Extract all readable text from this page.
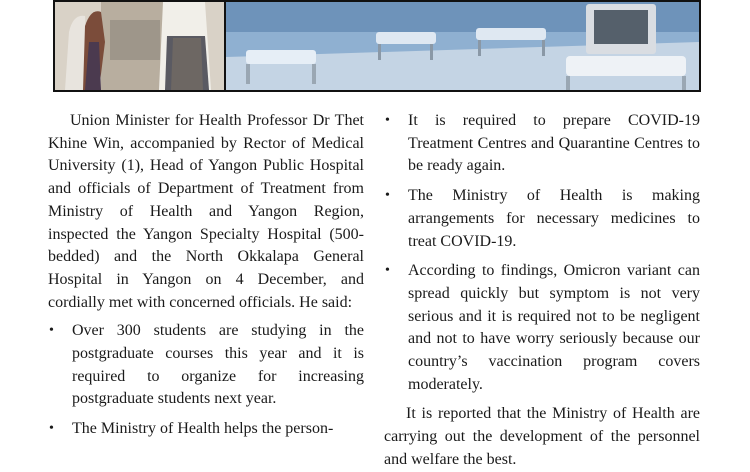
Union Minister for Health Professor Dr Thet Khine Win, accompanied by Rector of Medical University (1), Head of Yangon Public Hospital and officials of Department of Treatment from Ministry of Health and Yangon Region, inspected the Yangon Specialty Hospital (500-bedded) and the North Okkalapa General Hospital in Yangon on 4 December, and cordially met with concerned officials. He said:

• Over 300 students are studying in the postgraduate courses this year and it is required to organize for increasing postgraduate students next year.
• The Ministry of Health helps the person-
• It is required to prepare COVID-19 Treatment Centres and Quarantine Centres to be ready again.
• The Ministry of Health is making arrangements for necessary medicines to treat COVID-19.
• According to findings, Omicron variant can spread quickly but symptom is not very serious and it is required not to be negligent and not to have worry seriously because our country’s vaccination program covers moderately.

It is reported that the Ministry of Health are carrying out the development of the personnel and welfare the best.
